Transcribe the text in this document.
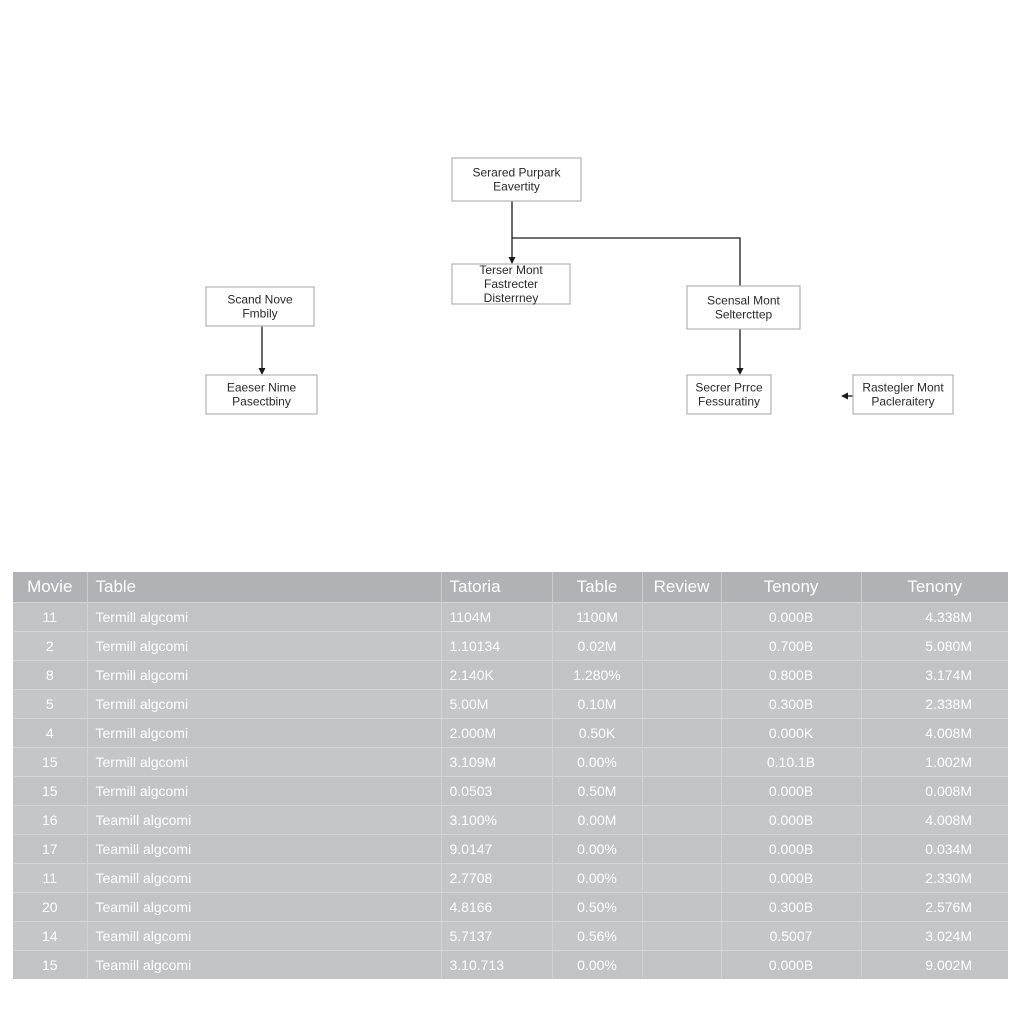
Serared Purpark
Eavertity
Terser Mont
Fastrecter
Disterrney	Scensal Mont
Seltercttep
Scand Nove
Fmbily
Eaeser Nime
Pasectbiny
Secrer Prrce
Fessuratiny
Rastegler Mont
Pacleraitery
Movie	Table	Tatoria	Table	Review	Tenony	Tenony
11	Termill algcomi	1104M	1100M		0.000B	4.338M
2	Termill algcomi	1.10134	0.02M		0.700B	5.080M
8	Termill algcomi	2.140K	1.280%		0.800B	3.174M
5	Termill algcomi	5.00M	0.10M		0.300B	2.338M
4	Termill algcomi	2.000M	0.50K		0.000K	4.008M
15	Termill algcomi	3.109M	0.00%		0.10.1B	1.002M
15	Termill algcomi	0.0503	0.50M		0.000B	0.008M
16	Teamill algcomi	3.100%	0.00M		0.000B	4.008M
17	Teamill algcomi	9.0147	0.00%		0.000B	0.034M
11	Teamill algcomi	2.7708	0.00%		0.000B	2.330M
20	Teamill algcomi	4.8166	0.50%		0.300B	2.576M
14	Teamill algcomi	5.7137	0.56%		0.5007	3.024M
15	Teamill algcomi	3.10.713	0.00%		0.000B	9.002M
